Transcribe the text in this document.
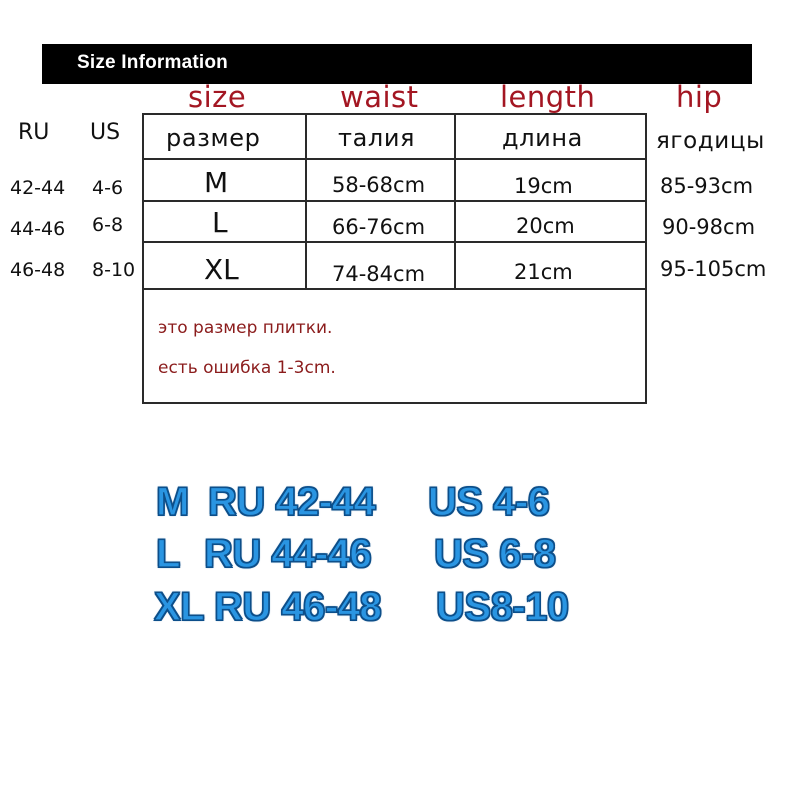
Size Information
size	waist	length	hip
RU US размер	талия	длина	ягодицы
42-44 4-6	M	58-68cm	19cm	85-93cm
44-46 6-8	L	66-76cm	20cm	90-98cm
46-48 8-10 XL	74-84cm	21cm	95-105cm
это размер плитки.
есть ошибка 1-3cm.
M RU 42-44 US 4-6
L RU 44-46 US 6-8
XL RU 46-48 US8-10
